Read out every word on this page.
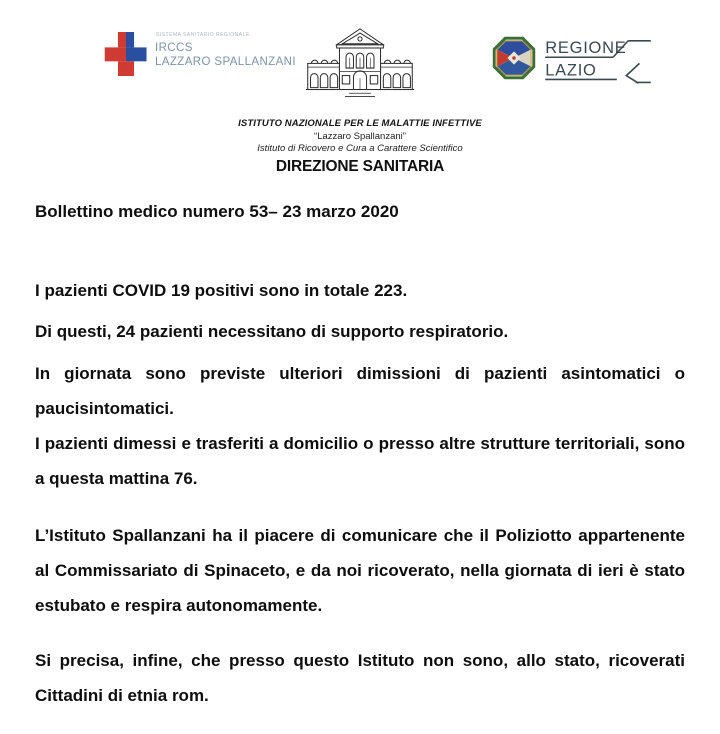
SISTEMA SANITARIO REGIONALE
IRCCS
LAZZARO SPALLANZANI
ISTITUTO NAZIONALE PER LE MALATTIE INFETTIVE
“Lazzaro Spallanzani”
Istituto di Ricovero e Cura a Carattere Scientifico
DIREZIONE SANITARIA
REGIONE
LAZIO
Bollettino medico numero 53– 23 marzo 2020

I pazienti COVID 19 positivi sono in totale 223.

Di questi, 24 pazienti necessitano di supporto respiratorio.

In giornata sono previste ulteriori dimissioni di pazienti asintomatici o paucisintomatici.

I pazienti dimessi e trasferiti a domicilio o presso altre strutture territoriali, sono a questa mattina 76.

L’Istituto Spallanzani ha il piacere di comunicare che il Poliziotto appartenente al Commissariato di Spinaceto, e da noi ricoverato, nella giornata di ieri è stato estubato e respira autonomamente.

Si precisa, infine, che presso questo Istituto non sono, allo stato, ricoverati Cittadini di etnia rom.
